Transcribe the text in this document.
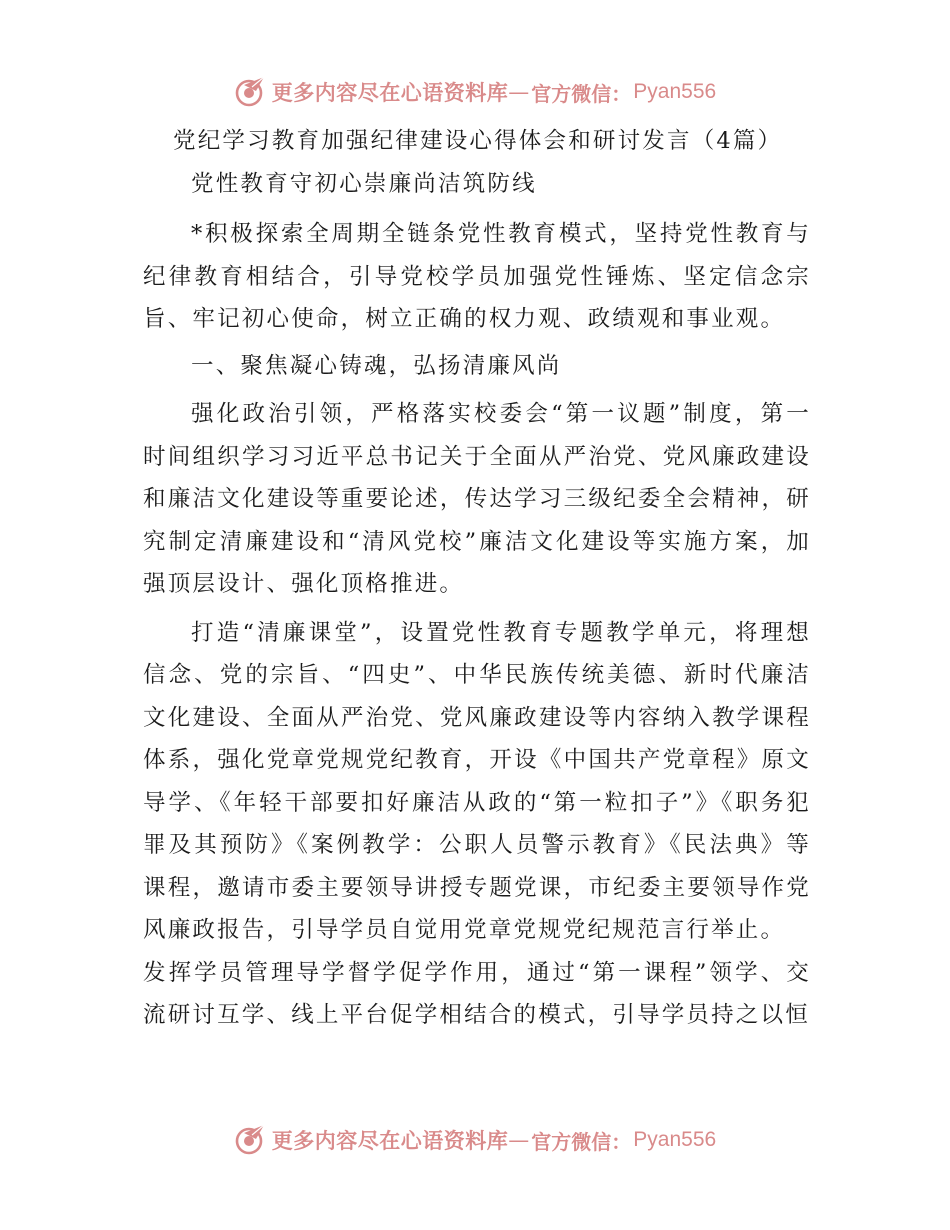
更多内容尽在心语资料库 — 官方微信： Pyan556

党纪学习教育加强纪律建设心得体会和研讨发言（4篇）

党性教育守初心崇廉尚洁筑防线

*积极探索全周期全链条党性教育模式，坚持党性教育与纪律教育相结合，引导党校学员加强党性锤炼、坚定信念宗旨、牢记初心使命，树立正确的权力观、政绩观和事业观。

一、聚焦凝心铸魂，弘扬清廉风尚

强化政治引领，严格落实校委会“第一议题”制度，第一时间组织学习习近平总书记关于全面从严治党、党风廉政建设和廉洁文化建设等重要论述，传达学习三级纪委全会精神，研究制定清廉建设和“清风党校”廉洁文化建设等实施方案，加强顶层设计、强化顶格推进。

打造“清廉课堂”，设置党性教育专题教学单元，将理想信念、党的宗旨、“四史”、中华民族传统美德、新时代廉洁文化建设、全面从严治党、党风廉政建设等内容纳入教学课程体系，强化党章党规党纪教育，开设《中国共产党章程》原文导学、《年轻干部要扣好廉洁从政的“第一粒扣子”》《职务犯罪及其预防》《案例教学：公职人员警示教育》《民法典》等课程，邀请市委主要领导讲授专题党课，市纪委主要领导作党风廉政报告，引导学员自觉用党章党规党纪规范言行举止。

发挥学员管理导学督学促学作用，通过“第一课程”领学、交流研讨互学、线上平台促学相结合的模式，引导学员持之以恒

更多内容尽在心语资料库 — 官方微信： Pyan556
